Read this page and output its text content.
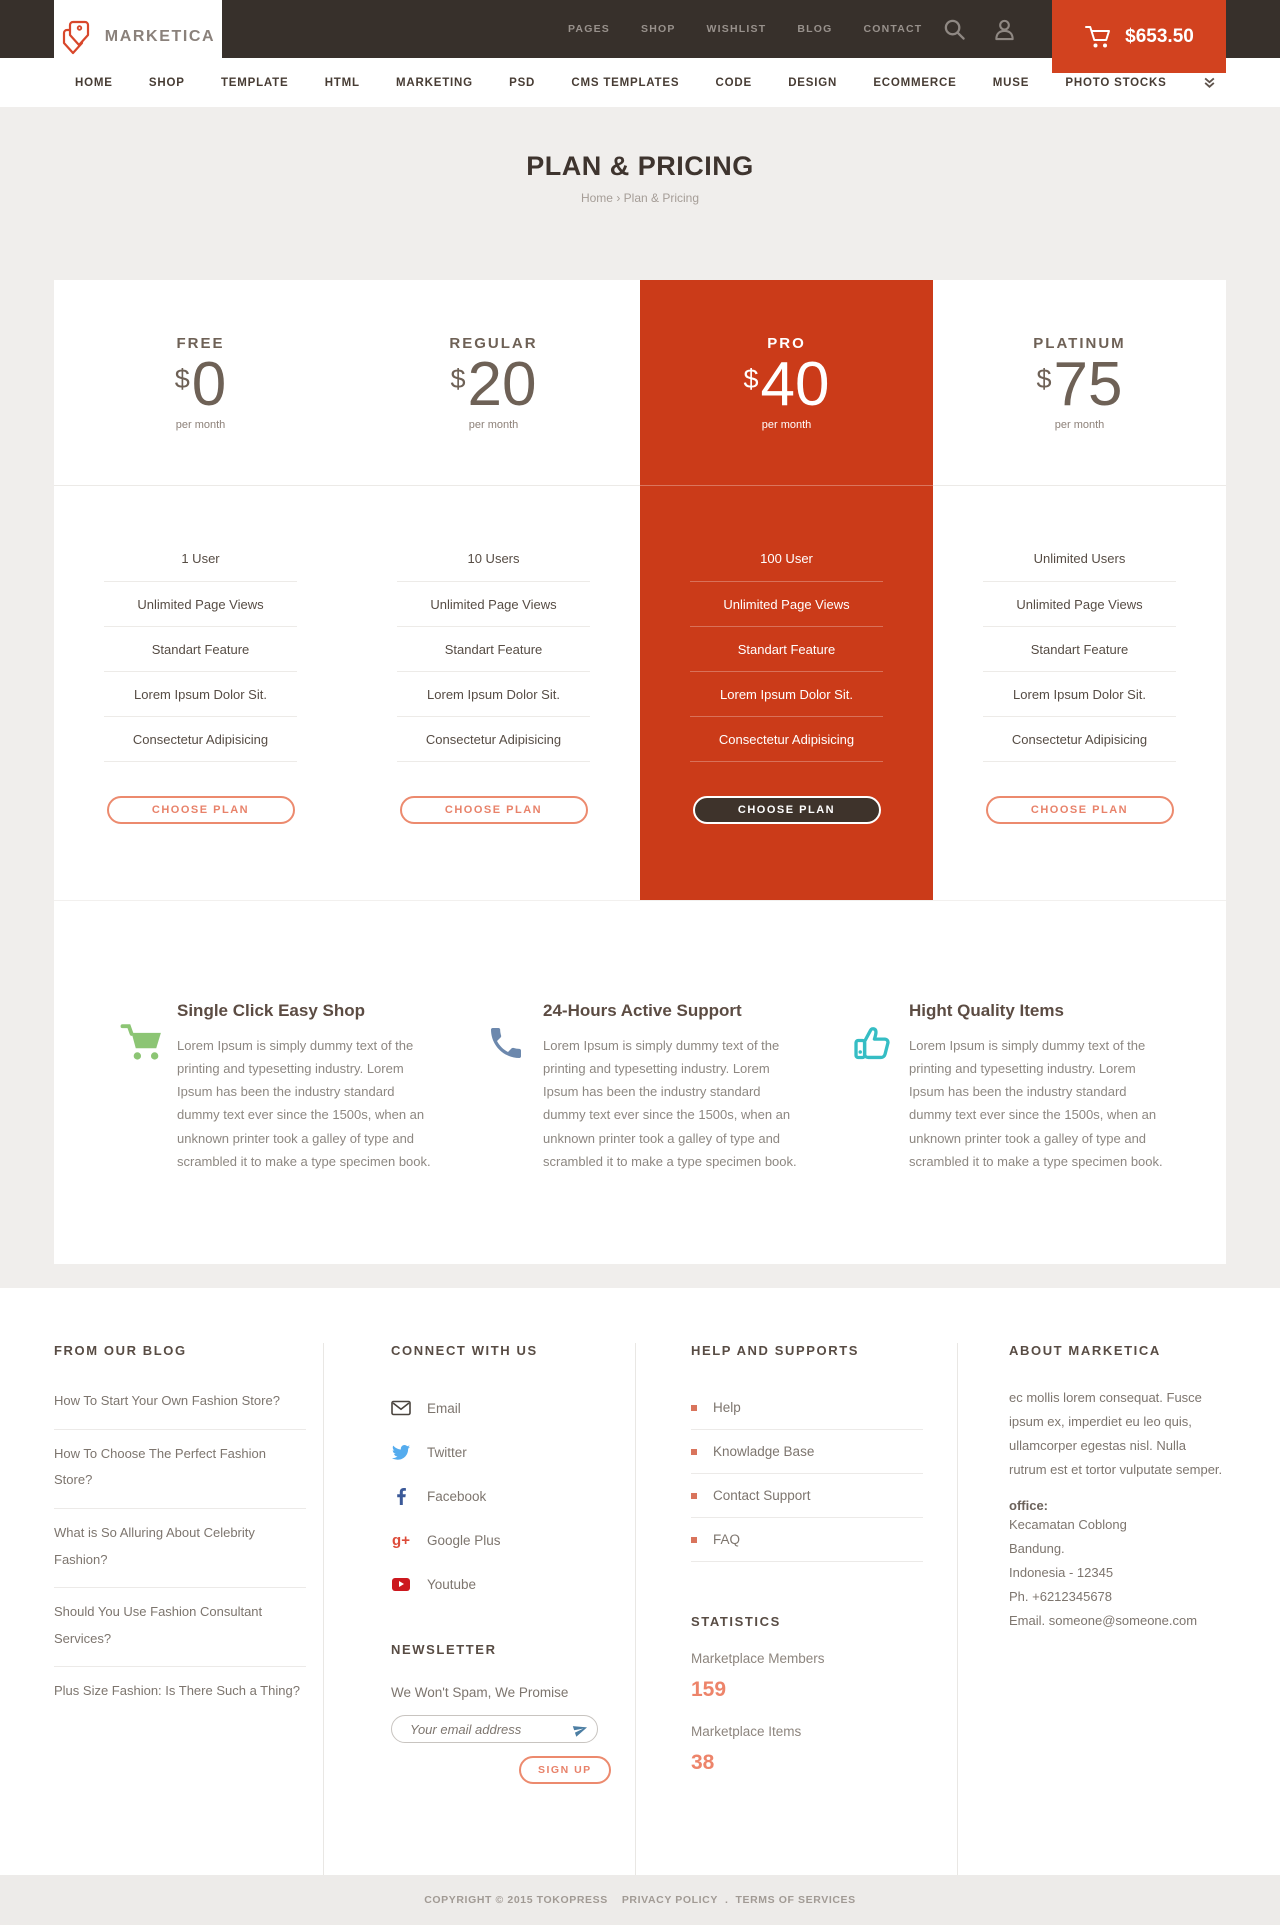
PAGES	SHOP	WISHLIST	BLOG	CONTACT	$653.50
MARKETICA
HOME	SHOP	TEMPLATE	HTML	MARKETING	PSD	CMS TEMPLATES	CODE	DESIGN	ECOMMERCE	MUSE	PHOTO STOCKS
PLAN & PRICING
Home › Plan & Pricing
FREE
$ 0
per month
1 User
Unlimited Page Views
Standart Feature
Lorem Ipsum Dolor Sit.
Consectetur Adipisicing
CHOOSE PLAN
REGULAR
$ 20
per month
10 Users
Unlimited Page Views
Standart Feature
Lorem Ipsum Dolor Sit.
Consectetur Adipisicing
CHOOSE PLAN
PRO
$ 40
per month
100 User
Unlimited Page Views
Standart Feature
Lorem Ipsum Dolor Sit.
Consectetur Adipisicing
CHOOSE PLAN
PLATINUM
$ 75
per month
Unlimited Users
Unlimited Page Views
Standart Feature
Lorem Ipsum Dolor Sit.
Consectetur Adipisicing
CHOOSE PLAN
Single Click Easy Shop

Lorem Ipsum is simply dummy text of the printing and typesetting industry. Lorem Ipsum has been the industry standard dummy text ever since the 1500s, when an unknown printer took a galley of type and scrambled it to make a type specimen book.

24-Hours Active Support

Lorem Ipsum is simply dummy text of the printing and typesetting industry. Lorem Ipsum has been the industry standard dummy text ever since the 1500s, when an unknown printer took a galley of type and scrambled it to make a type specimen book.

Hight Quality Items

Lorem Ipsum is simply dummy text of the printing and typesetting industry. Lorem Ipsum has been the industry standard dummy text ever since the 1500s, when an unknown printer took a galley of type and scrambled it to make a type specimen book.

FROM OUR BLOG
How To Start Your Own Fashion Store?
How To Choose The Perfect Fashion Store?
What is So Alluring About Celebrity Fashion?
Should You Use Fashion Consultant Services?
Plus Size Fashion: Is There Such a Thing?
CONNECT WITH US
Email
Twitter
Facebook
g+ Google Plus
Youtube
NEWSLETTER
We Won't Spam, We Promise
Your email address
SIGN UP
HELP AND SUPPORTS
Help
Knowladge Base
Contact Support
FAQ
STATISTICS
Marketplace Members
159
Marketplace Items
38
ABOUT MARKETICA

ec mollis lorem consequat. Fusce ipsum ex, imperdiet eu leo quis, ullamcorper egestas nisl. Nulla rutrum est et tortor vulputate semper.

office:
Kecamatan Coblong
Bandung.
Indonesia - 12345
Ph. +6212345678
Email. someone@someone.com
COPYRIGHT © 2015 TOKOPRESS PRIVACY POLICY . TERMS OF SERVICES
